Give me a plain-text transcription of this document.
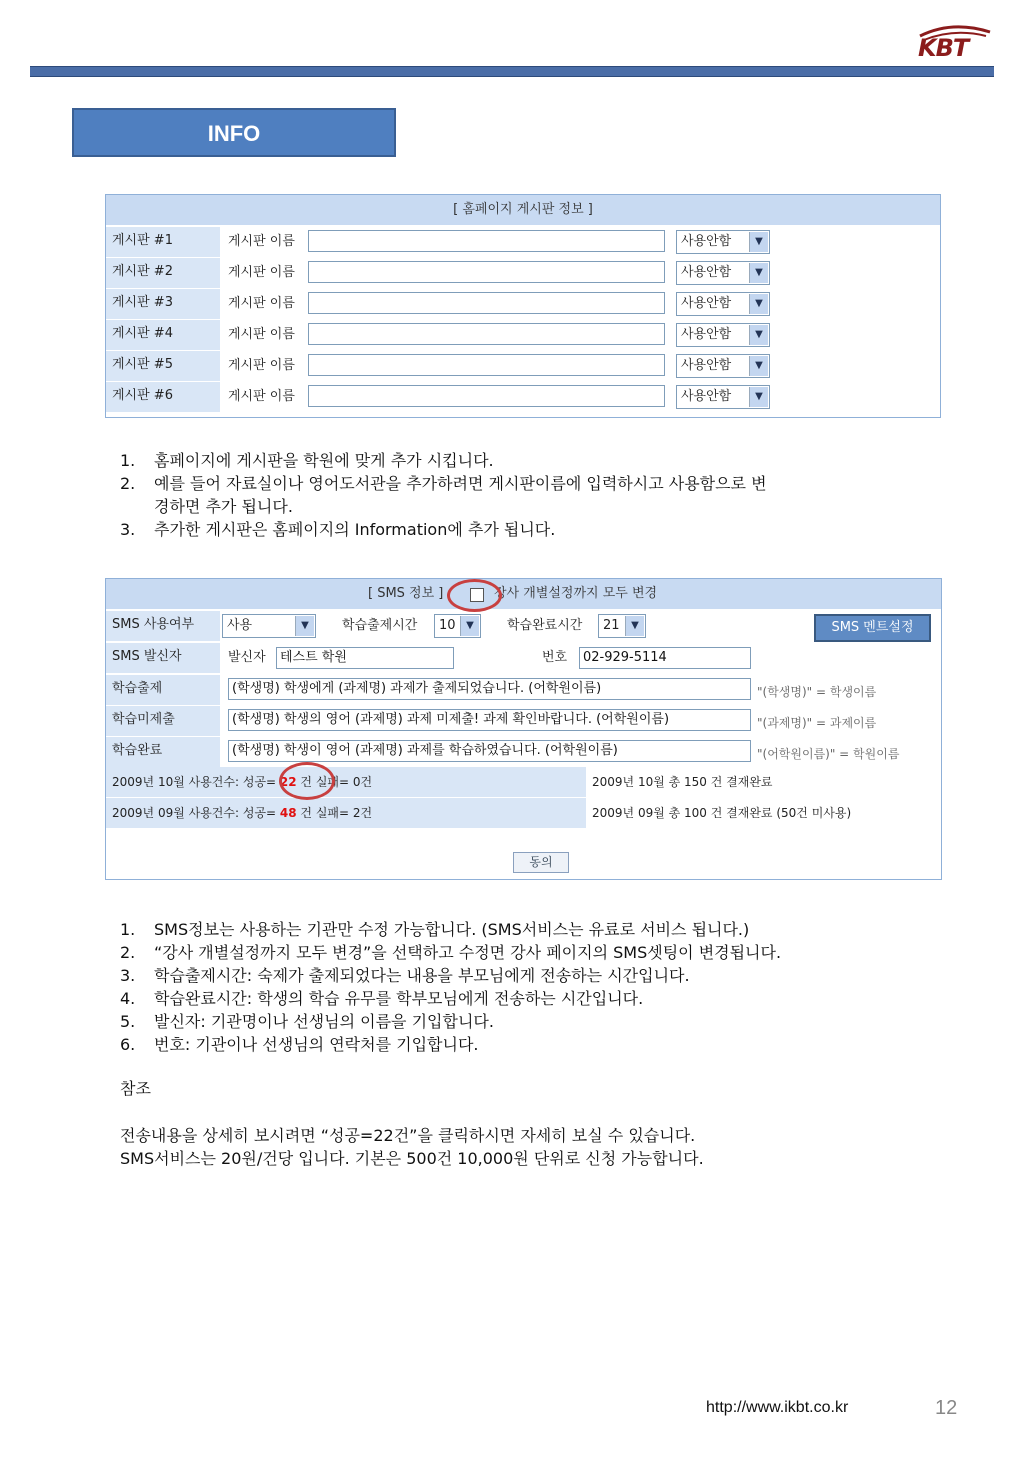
KBT
INFO
[ 홈페이지 게시판 정보 ]
게시판 #1	게시판 이름	사용안함	▼
게시판 #2	게시판 이름	사용안함	▼
게시판 #3	게시판 이름	사용안함	▼
게시판 #4	게시판 이름	사용안함	▼
게시판 #5	게시판 이름	사용안함	▼
게시판 #6	게시판 이름	사용안함	▼
1. 홈페이지에 게시판을 학원에 맞게 추가 시킵니다.
2. 예를 들어 자료실이나 영어도서관을 추가하려면 게시판이름에 입력하시고 사용함으로 변
경하면 추가 됩니다.
3. 추가한 게시판은 홈페이지의 Information에 추가 됩니다.
[ SMS 정보 ]	강사 개별설정까지 모두 변경
SMS 사용여부	사용	▼	학습출제시간	10	▼	학습완료시간	21	▼	SMS 멘트설정
SMS 발신자	발신자	테스트 학원	번호	02-929-5114
학습출제	(학생명) 학생에게 (과제명) 과제가 출제되었습니다. (어학원이름)	"(학생명)" = 학생이름
학습미제출	(학생명) 학생의 영어 (과제명) 과제 미제출! 과제 확인바랍니다. (어학원이름)	"(과제명)" = 과제이름
학습완료	(학생명) 학생이 영어 (과제명) 과제를 학습하였습니다. (어학원이름)	"(어학원이름)" = 학원이름
2009년 10월 사용건수: 성공= 22 건 실패= 0건	2009년 10월 총 150 건 결재완료
2009년 09월 사용건수: 성공= 48 건 실패= 2건	2009년 09월 총 100 건 결재완료 (50건 미사용)
동의
1. SMS정보는 사용하는 기관만 수정 가능합니다. (SMS서비스는 유료로 서비스 됩니다.)
2. “강사 개별설정까지 모두 변경”을 선택하고 수정면 강사 페이지의 SMS셋팅이 변경됩니다.
3. 학습출제시간: 숙제가 출제되었다는 내용을 부모님에게 전송하는 시간입니다.
4. 학습완료시간: 학생의 학습 유무를 학부모님에게 전송하는 시간입니다.
5. 발신자: 기관명이나 선생님의 이름을 기입합니다.
6. 번호: 기관이나 선생님의 연락처를 기입합니다.
참조
전송내용을 상세히 보시려면 “성공=22건”을 클릭하시면 자세히 보실 수 있습니다.
SMS서비스는 20원/건당 입니다. 기본은 500건 10,000원 단위로 신청 가능합니다.
http://www.ikbt.co.kr	12
